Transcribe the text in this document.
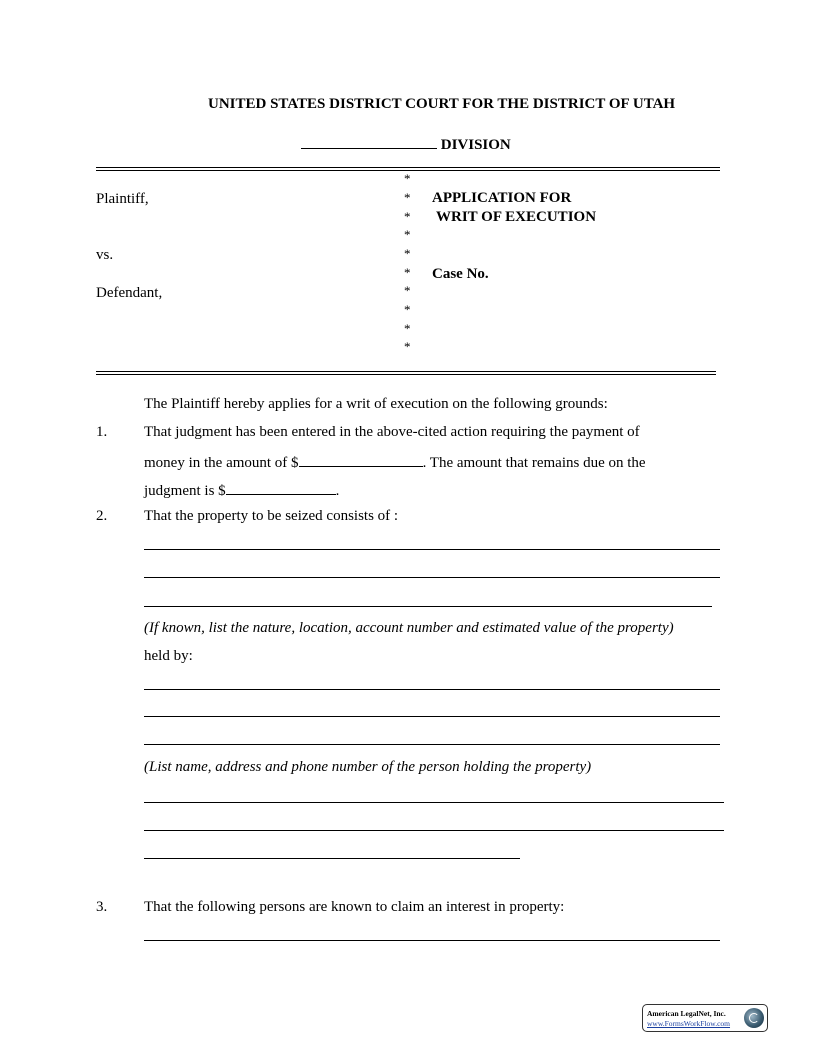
UNITED STATES DISTRICT COURT FOR THE DISTRICT OF UTAH
DIVISION
Plaintiff,
vs.
Defendant,
*
*
*
*
*
*
*
*
*
*
APPLICATION FOR
WRIT OF EXECUTION
Case No.
The Plaintiff hereby applies for a writ of execution on the following grounds:
1. That judgment has been entered in the above-cited action requiring the payment of
money in the amount of $	. The amount that remains due on the
judgment is $	.
2. That the property to be seized consists of :
(If known, list the nature, location, account number and estimated value of the property)
held by:
(List name, address and phone number of the person holding the property)
3. That the following persons are known to claim an interest in property:
American LegalNet, Inc.
www.FormsWorkFlow.com
